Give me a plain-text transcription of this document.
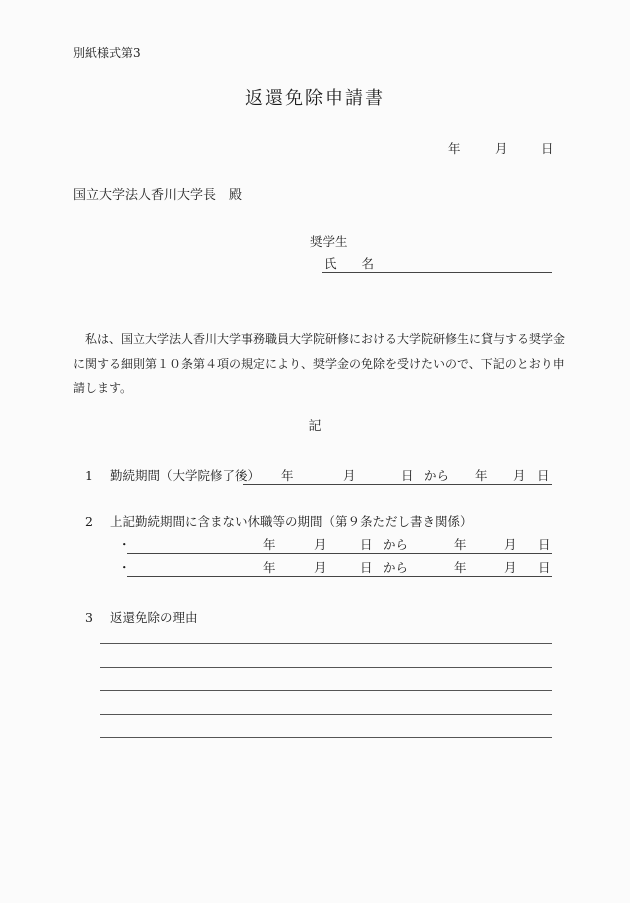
別紙様式第3
返還免除申請書
年	月	日
国立大学法人香川大学長　殿
奨学生
氏　　名
　私は、国立大学法人香川大学事務職員大学院研修における大学院研修生に貸与する奨学金
に関する細則第１０条第４項の規定により、奨学金の免除を受けたいので、下記のとおり申
請します。
記
1 勤続期間（大学院修了後） 年	月	日 から 年 月 日
2 上記勤続期間に含まない休職等の期間（第９条ただし書き関係）
・	年	月	日 から	年	月 日
・	年	月	日 から	年	月 日
3 返還免除の理由
